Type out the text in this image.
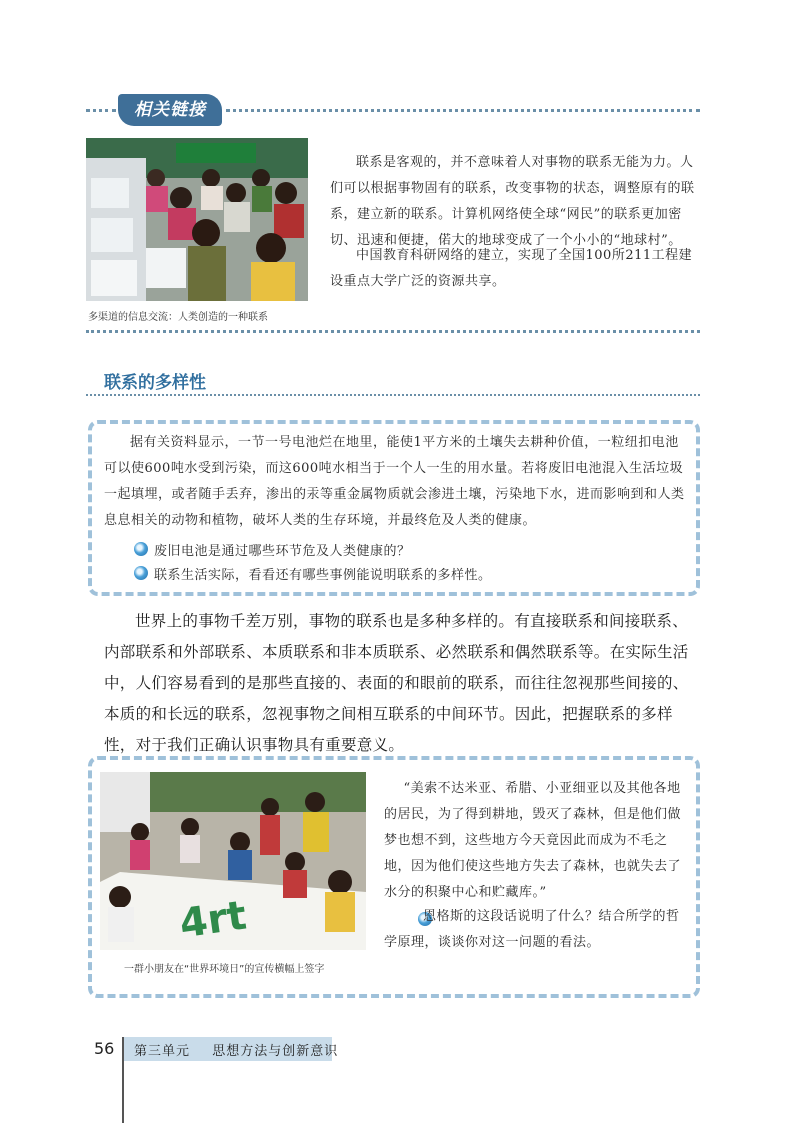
相关链接
多渠道的信息交流：人类创造的一种联系

联系是客观的，并不意味着人对事物的联系无能为力。人们可以根据事物固有的联系，改变事物的状态，调整原有的联系，建立新的联系。计算机网络使全球“网民”的联系更加密切、迅速和便捷，偌大的地球变成了一个小小的“地球村”。

中国教育科研网络的建立，实现了全国100所211工程建设重点大学广泛的资源共享。

联系的多样性

据有关资料显示，一节一号电池烂在地里，能使1平方米的土壤失去耕种价值，一粒纽扣电池可以使600吨水受到污染，而这600吨水相当于一个人一生的用水量。若将废旧电池混入生活垃圾一起填埋，或者随手丢弃，渗出的汞等重金属物质就会渗进土壤，污染地下水，进而影响到和人类息息相关的动物和植物，破坏人类的生存环境，并最终危及人类的健康。

废旧电池是通过哪些环节危及人类健康的？
联系生活实际，看看还有哪些事例能说明联系的多样性。

世界上的事物千差万别，事物的联系也是多种多样的。有直接联系和间接联系、内部联系和外部联系、本质联系和非本质联系、必然联系和偶然联系等。在实际生活中，人们容易看到的是那些直接的、表面的和眼前的联系，而往往忽视那些间接的、本质的和长远的联系，忽视事物之间相互联系的中间环节。因此，把握联系的多样性，对于我们正确认识事物具有重要意义。

4rt
一群小朋友在“世界环境日”的宣传横幅上签字

“美索不达米亚、希腊、小亚细亚以及其他各地的居民，为了得到耕地，毁灭了森林，但是他们做梦也想不到，这些地方今天竟因此而成为不毛之地，因为他们使这些地方失去了森林，也就失去了水分的积聚中心和贮藏库。”

恩格斯的这段话说明了什么？结合所学的哲学原理，谈谈你对这一问题的看法。

56 第三单元 思想方法与创新意识
